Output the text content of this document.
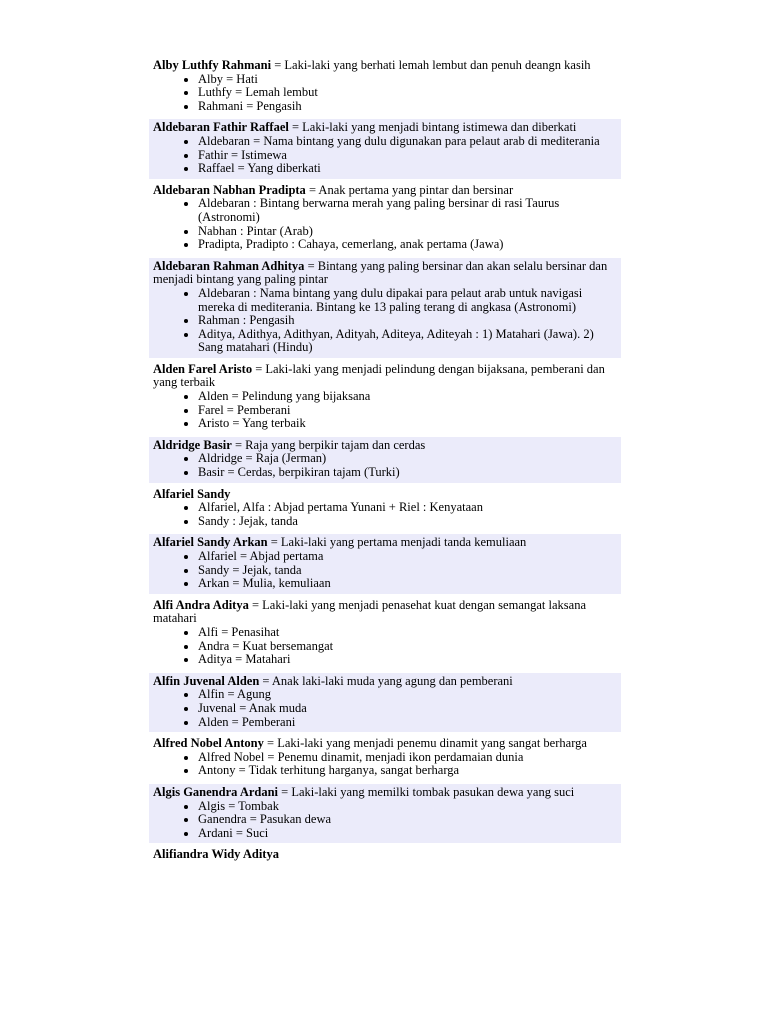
Alby Luthfy Rahmani = Laki-laki yang berhati lemah lembut dan penuh deangn kasih

• Alby = Hati
• Luthfy = Lemah lembut
• Rahmani = Pengasih

Aldebaran Fathir Raffael = Laki-laki yang menjadi bintang istimewa dan diberkati

• Aldebaran = Nama bintang yang dulu digunakan para pelaut arab di mediterania
• Fathir = Istimewa
• Raffael = Yang diberkati

Aldebaran Nabhan Pradipta = Anak pertama yang pintar dan bersinar

• Aldebaran : Bintang berwarna merah yang paling bersinar di rasi Taurus (Astronomi)
• Nabhan : Pintar (Arab)
• Pradipta, Pradipto : Cahaya, cemerlang, anak pertama (Jawa)

Aldebaran Rahman Adhitya = Bintang yang paling bersinar dan akan selalu bersinar dan menjadi bintang yang paling pintar

• Aldebaran : Nama bintang yang dulu dipakai para pelaut arab untuk navigasi mereka di mediterania. Bintang ke 13 paling terang di angkasa (Astronomi)
• Rahman : Pengasih
• Aditya, Adithya, Adithyan, Adityah, Aditeya, Aditeyah : 1) Matahari (Jawa). 2) Sang matahari (Hindu)

Alden Farel Aristo = Laki-laki yang menjadi pelindung dengan bijaksana, pemberani dan yang terbaik

• Alden = Pelindung yang bijaksana
• Farel = Pemberani
• Aristo = Yang terbaik

Aldridge Basir = Raja yang berpikir tajam dan cerdas

• Aldridge = Raja (Jerman)
• Basir = Cerdas, berpikiran tajam (Turki)

Alfariel Sandy

• Alfariel, Alfa : Abjad pertama Yunani + Riel : Kenyataan
• Sandy : Jejak, tanda

Alfariel Sandy Arkan = Laki-laki yang pertama menjadi tanda kemuliaan

• Alfariel = Abjad pertama
• Sandy = Jejak, tanda
• Arkan = Mulia, kemuliaan

Alfi Andra Aditya = Laki-laki yang menjadi penasehat kuat dengan semangat laksana matahari

• Alfi = Penasihat
• Andra = Kuat bersemangat
• Aditya = Matahari

Alfin Juvenal Alden = Anak laki-laki muda yang agung dan pemberani

• Alfin = Agung
• Juvenal = Anak muda
• Alden = Pemberani

Alfred Nobel Antony = Laki-laki yang menjadi penemu dinamit yang sangat berharga

• Alfred Nobel = Penemu dinamit, menjadi ikon perdamaian dunia
• Antony = Tidak terhitung harganya, sangat berharga

Algis Ganendra Ardani = Laki-laki yang memilki tombak pasukan dewa yang suci

• Algis = Tombak
• Ganendra = Pasukan dewa
• Ardani = Suci

Alifiandra Widy Aditya
